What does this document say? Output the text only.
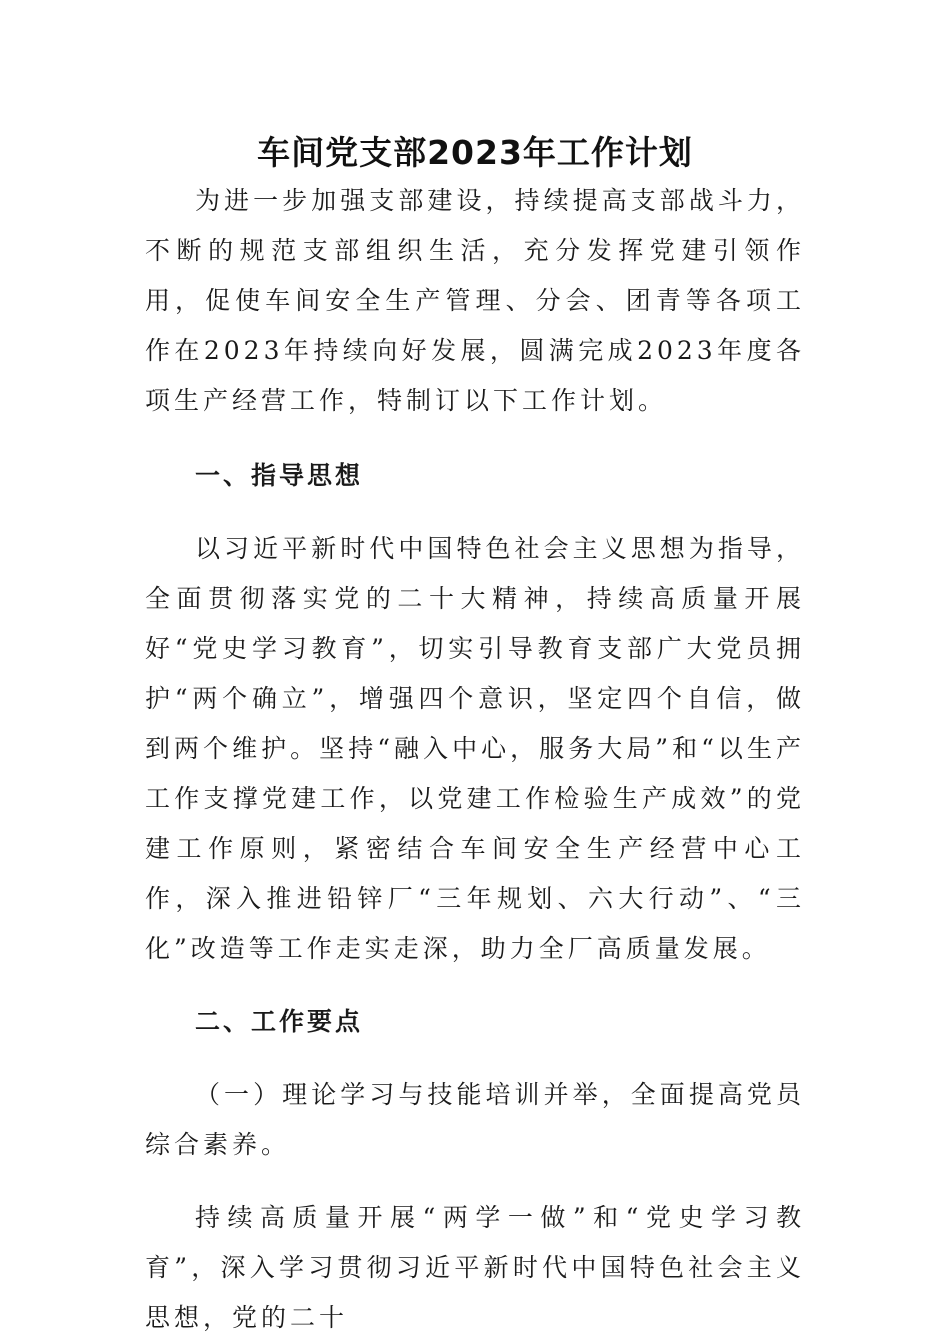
车间党支部2023年工作计划

为进一步加强支部建设，持续提高支部战斗力，不断的规范支部组织生活，充分发挥党建引领作用，促使车间安全生产管理、分会、团青等各项工作在2023年持续向好发展，圆满完成2023年度各项生产经营工作，特制订以下工作计划。

一、指导思想

以习近平新时代中国特色社会主义思想为指导，全面贯彻落实党的二十大精神，持续高质量开展好“党史学习教育”，切实引导教育支部广大党员拥护“两个确立”，增强四个意识，坚定四个自信，做到两个维护。坚持“融入中心，服务大局”和“以生产工作支撑党建工作，以党建工作检验生产成效”的党建工作原则，紧密结合车间安全生产经营中心工作，深入推进铅锌厂“三年规划、六大行动”、“三化”改造等工作走实走深，助力全厂高质量发展。

二、工作要点

（一）理论学习与技能培训并举，全面提高党员综合素养。

持续高质量开展“两学一做”和“党史学习教育”，深入学习贯彻习近平新时代中国特色社会主义思想，党的二十
